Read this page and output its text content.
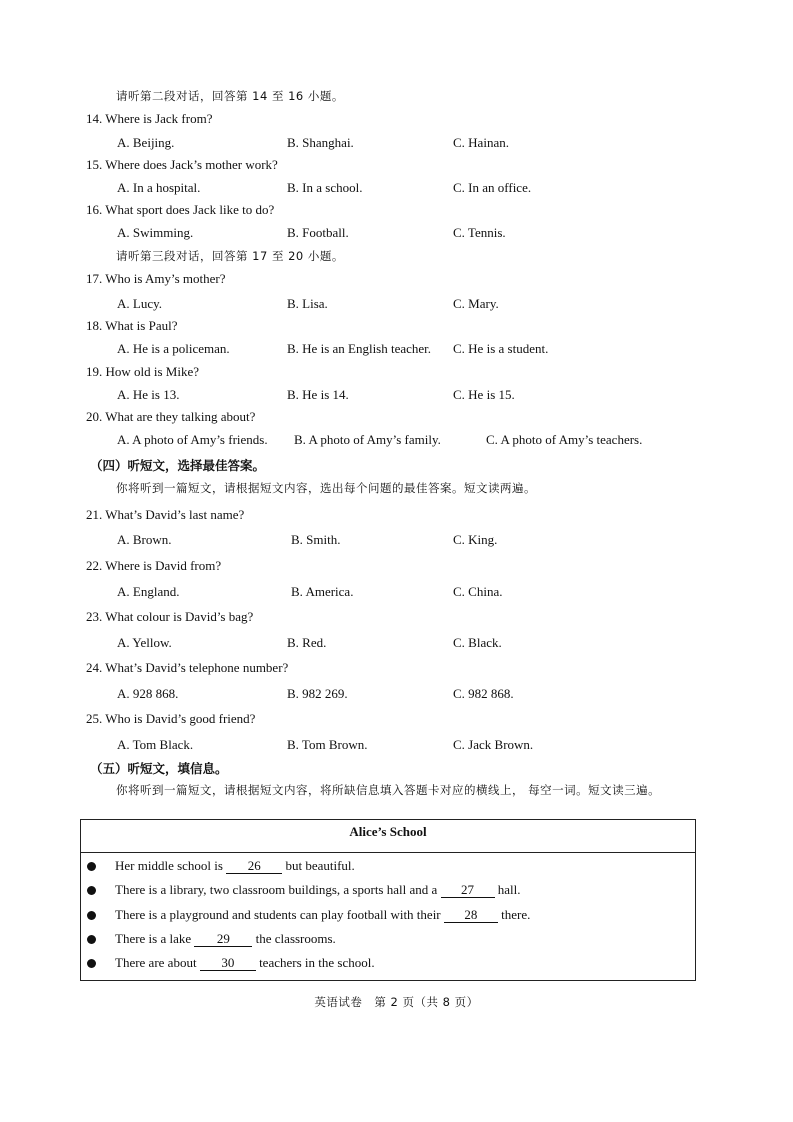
请听第二段对话，回答第 14 至 16 小题。
14. Where is Jack from?
A. Beijing.	B. Shanghai.	C. Hainan.
15. Where does Jack’s mother work?
A. In a hospital.	B. In a school.	C. In an office.
16. What sport does Jack like to do?
A. Swimming.	B. Football.	C. Tennis.
请听第三段对话，回答第 17 至 20 小题。
17. Who is Amy’s mother?
A. Lucy.	B. Lisa.	C. Mary.
18. What is Paul?
A. He is a policeman.	B. He is an English teacher. C. He is a student.
19. How old is Mike?
A. He is 13.	B. He is 14.	C. He is 15.
20. What are they talking about?
A. A photo of Amy’s friends. B. A photo of Amy’s family.	C. A photo of Amy’s teachers.
（四）听短文，选择最佳答案。
你将听到一篇短文，请根据短文内容，选出每个问题的最佳答案。短文读两遍。
21. What’s David’s last name?
A. Brown.	B. Smith.	C. King.
22. Where is David from?
A. England.	B. America.	C. China.
23. What colour is David’s bag?
A. Yellow.	B. Red.	C. Black.
24. What’s David’s telephone number?
A. 928 868.	B. 982 269.	C. 982 868.
25. Who is David’s good friend?
A. Tom Black.	B. Tom Brown.	C. Jack Brown.
（五）听短文，填信息。
你将听到一篇短文，请根据短文内容，将所缺信息填入答题卡对应的横线上， 每空一词。短文读三遍。
Alice’s School
Her middle school is 26 but beautiful.
There is a library, two classroom buildings, a sports hall and a 27 hall.
There is a playground and students can play football with their 28 there.
There is a lake 29 the classrooms.
There are about 30 teachers in the school.
英语试卷　第 2 页（共 8 页）
